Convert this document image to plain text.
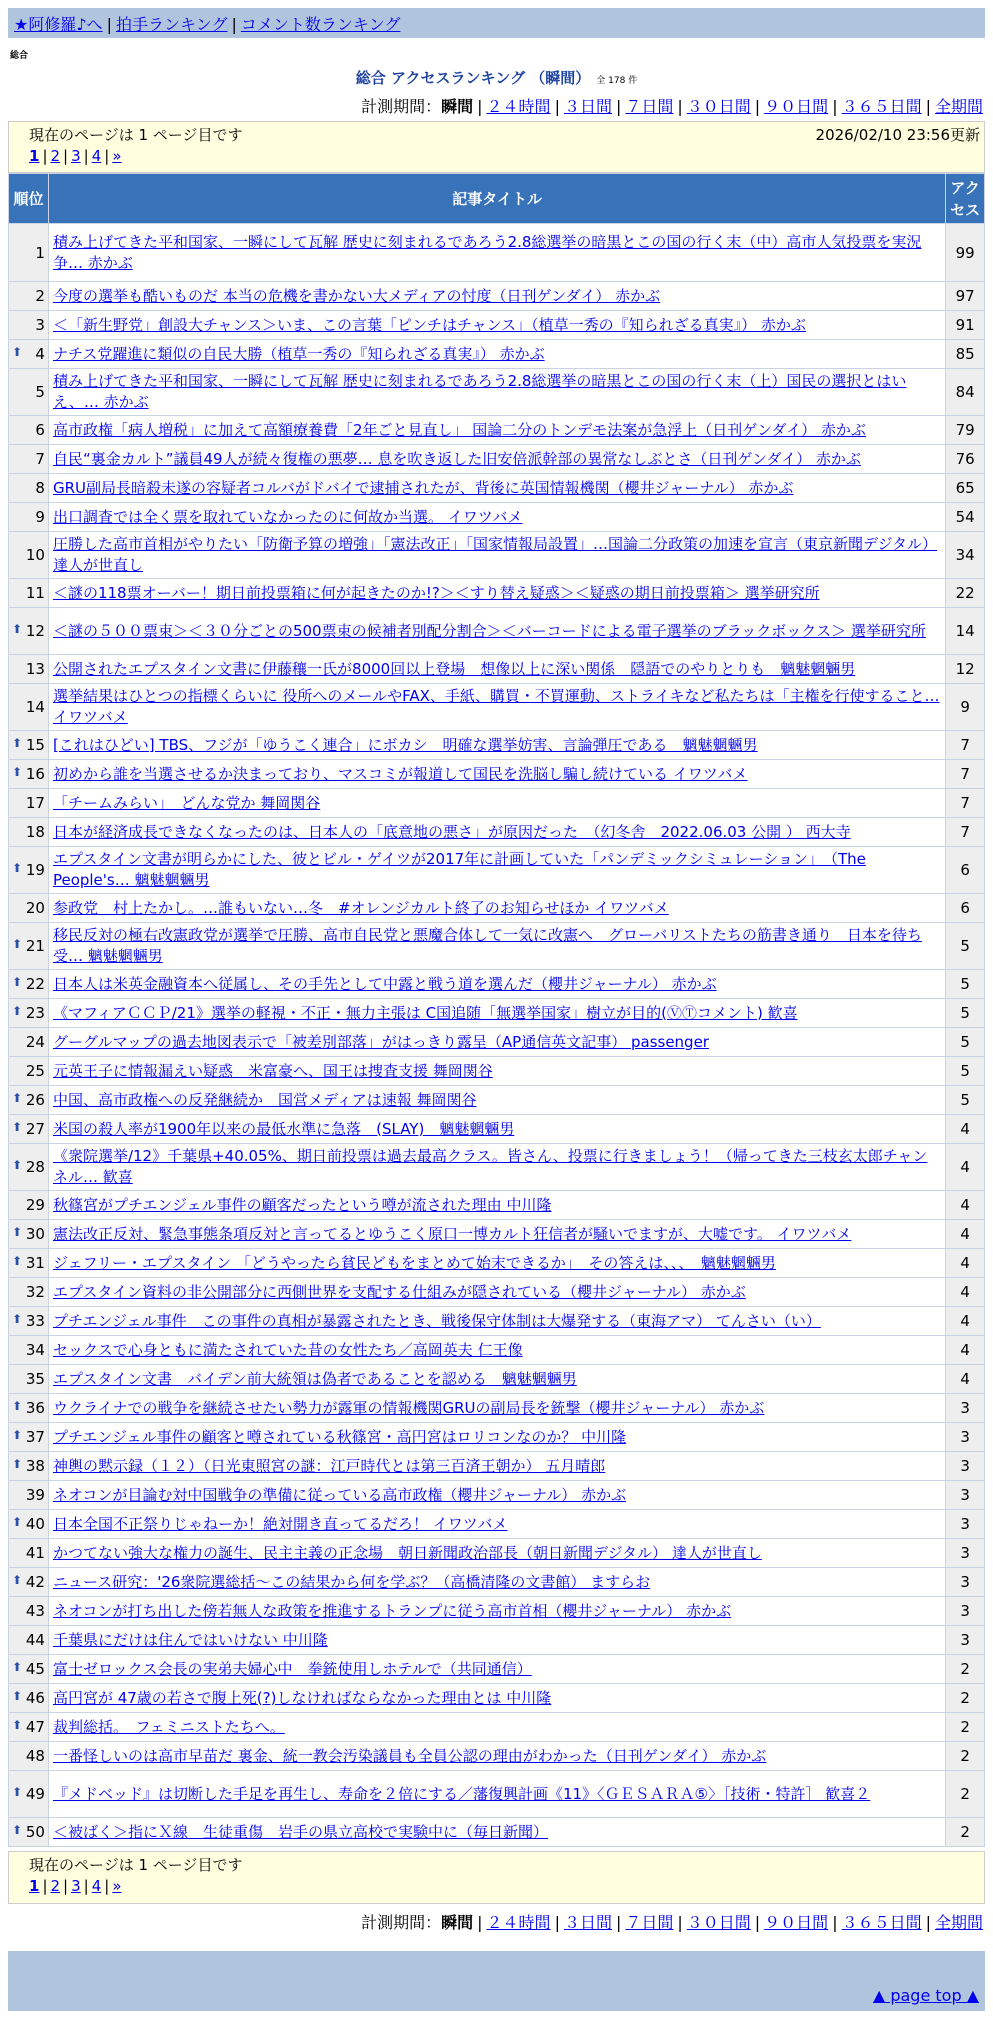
★阿修羅♪へ | 拍手ランキング | コメント数ランキング
総合
総合 アクセスランキング （瞬間） 全 178 件
計測期間：瞬間 | ２４時間 | ３日間 | ７日間 | ３０日間 | ９０日間 | ３６５日間 | 全期間
現在のページは 1 ページ目です	2026/02/10 23:56更新
1 | 2 | 3 | 4 | »
順位	記事タイトル	アクセス
1	積み上げてきた平和国家、一瞬にして瓦解 歴史に刻まれるであろう2.8総選挙の暗黒とこの国の行く末（中）高市人気投票を実況争… 赤かぶ	99
2	今度の選挙も酷いものだ 本当の危機を書かない大メディアの忖度（日刊ゲンダイ） 赤かぶ	97
3	＜「新生野党」創設大チャンス＞いま、この言葉「ピンチはチャンス」（植草一秀の『知られざる真実』） 赤かぶ	91

⬆ 4	ナチス党躍進に類似の自民大勝（植草一秀の『知られざる真実』） 赤かぶ	85
5	積み上げてきた平和国家、一瞬にして瓦解 歴史に刻まれるであろう2.8総選挙の暗黒とこの国の行く末（上）国民の選択とはいえ、… 赤かぶ	84
6	高市政権「病人増税」に加えて高額療養費「2年ごと見直し」 国論二分のトンデモ法案が急浮上（日刊ゲンダイ） 赤かぶ	79
7	自民“裏金カルト”議員49人が続々復権の悪夢… 息を吹き返した旧安倍派幹部の異常なしぶとさ（日刊ゲンダイ） 赤かぶ	76
8	GRU副局長暗殺未遂の容疑者コルバがドバイで逮捕されたが、背後に英国情報機関（櫻井ジャーナル） 赤かぶ	65
9	出口調査では全く票を取れていなかったのに何故か当選。 イワツバメ	54
10	圧勝した高市首相がやりたい「防衛予算の増強」「憲法改正」「国家情報局設置」…国論二分政策の加速を宣言（東京新聞デジタル） 達人が世直し	34
11	＜謎の118票オーバー！期日前投票箱に何が起きたのか!?＞＜すり替え疑惑＞＜疑惑の期日前投票箱＞ 選挙研究所	22

⬆ 12	＜謎の５００票束＞＜３０分ごとの500票束の候補者別配分割合＞＜バーコードによる電子選挙のブラックボックス＞ 選挙研究所	14
13	公開されたエプスタイン文書に伊藤穰一氏が8000回以上登場　想像以上に深い関係　隠語でのやりとりも　魑魅魍魎男	12
14	選挙結果はひとつの指標くらいに 役所へのメールやFAX、手紙、購買・不買運動、ストライキなど私たちは「主権を行使すること… イワツバメ	9

⬆ 15	[これはひどい] TBS、フジが「ゆうこく連合」にボカシ　明確な選挙妨害、言論弾圧である　魑魅魍魎男	7

⬆ 16	初めから誰を当選させるか決まっており、マスコミが報道して国民を洗脳し騙し続けている イワツバメ	7
17	「チームみらい」　どんな党か 舞岡関谷	7
18	日本が経済成長できなくなったのは、日本人の「底意地の悪さ」が原因だった　（幻冬舎　2022.06.03 公開 ） 西大寺	7

⬆ 19	エプスタイン文書が明らかにした、彼とビル・ゲイツが2017年に計画していた「パンデミックシミュレーション」　（The People's… 魑魅魍魎男	6
20	参政党　村上たかし。…誰もいない…冬　#オレンジカルト終了のお知らせほか イワツバメ	6

⬆ 21	移民反対の極右改憲政党が選挙で圧勝、高市自民党と悪魔合体して一気に改憲へ　グローバリストたちの筋書き通り　日本を待ち受… 魑魅魍魎男	5

⬆ 22	日本人は米英金融資本へ従属し、その手先として中露と戦う道を選んだ（櫻井ジャーナル） 赤かぶ	5

⬆ 23	《マフィアＣＣＰ/21》選挙の軽視・不正・無力主張は C国追随「無選挙国家」樹立が目的(ⓋⓉコメント) 歓喜	5
24	グーグルマップの過去地図表示で「被差別部落」がはっきり露呈（AP通信英文記事） passenger	5
25	元英王子に情報漏えい疑惑　米富豪へ、国王は捜査支援 舞岡関谷	5

⬆ 26	中国、高市政権への反発継続か　国営メディアは速報 舞岡関谷	5

⬆ 27	米国の殺人率が1900年以来の最低水準に急落　(SLAY)　魑魅魍魎男	4

⬆ 28	《衆院選挙/12》千葉県+40.05%、期日前投票は過去最高クラス。皆さん、投票に行きましょう！（帰ってきた三枝玄太郎チャンネル… 歓喜	4
29	秋篠宮がプチエンジェル事件の顧客だったという噂が流された理由 中川隆	4

⬆ 30	憲法改正反対、緊急事態条項反対と言ってるとゆうこく原口一博カルト狂信者が騒いでますが、大嘘です。 イワツバメ	4

⬆ 31	ジェフリー・エプスタイン 「どうやったら貧民どもをまとめて始末できるか」　その答えは、、、　魑魅魍魎男	4
32	エプスタイン資料の非公開部分に西側世界を支配する仕組みが隠されている（櫻井ジャーナル） 赤かぶ	4

⬆ 33	プチエンジェル事件　この事件の真相が暴露されたとき、戦後保守体制は大爆発する（東海アマ） てんさい（い）	4
34	セックスで心身ともに満たされていた昔の女性たち／高岡英夫 仁王像	4
35	エプスタイン文書　バイデン前大統領は偽者であることを認める　魑魅魍魎男	4

⬆ 36	ウクライナでの戦争を継続させたい勢力が露軍の情報機関GRUの副局長を銃撃（櫻井ジャーナル） 赤かぶ	3

⬆ 37	プチエンジェル事件の顧客と噂されている秋篠宮・高円宮はロリコンなのか？ 中川隆	3

⬆ 38	神輿の黙示録（１２）（日光東照宮の謎：江戸時代とは第三百済王朝か） 五月晴郎	3
39	ネオコンが目論む対中国戦争の準備に従っている高市政権（櫻井ジャーナル） 赤かぶ	3

⬆ 40	日本全国不正祭りじゃねーか！絶対開き直ってるだろ！ イワツバメ	3
41	かつてない強大な権力の誕生、民主主義の正念場　朝日新聞政治部長（朝日新聞デジタル） 達人が世直し	3

⬆ 42	ニュース研究：'26衆院選総括～この結果から何を学ぶ？（高橋清隆の文書館） ますらお	3
43	ネオコンが打ち出した傍若無人な政策を推進するトランプに従う高市首相（櫻井ジャーナル） 赤かぶ	3
44	千葉県にだけは住んではいけない 中川隆	3

⬆ 45	富士ゼロックス会長の実弟夫婦心中　拳銃使用しホテルで（共同通信）	2

⬆ 46	高円宮が 47歳の若さで腹上死(?)しなければならなかった理由とは 中川隆	2

⬆ 47	裁判総括。　フェミニストたちへ。	2
48	一番怪しいのは高市早苗だ 裏金、統一教会汚染議員も全員公認の理由がわかった（日刊ゲンダイ） 赤かぶ	2

⬆ 49	『メドベッド』は切断した手足を再生し、寿命を２倍にする／藩復興計画《11》〈ＧＥＳＡＲＡ⑤〉［技術・特許］ 歓喜２	2

⬆ 50	＜被ばく＞指にＸ線　生徒重傷　岩手の県立高校で実験中に（毎日新聞）	2
現在のページは 1 ページ目です
1 | 2 | 3 | 4 | »
計測期間：瞬間 | ２４時間 | ３日間 | ７日間 | ３０日間 | ９０日間 | ３６５日間 | 全期間
▲ page top ▲
